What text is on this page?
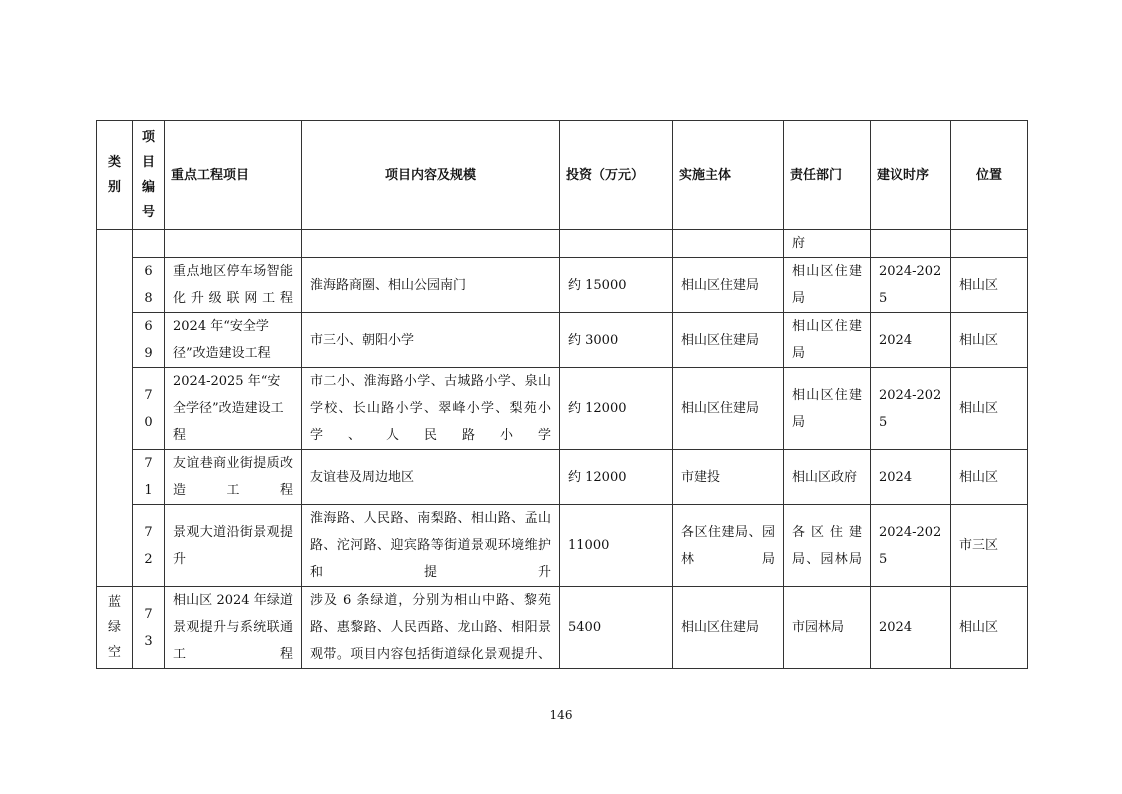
类别	项目编号	重点工程项目	项目内容及规模	投资（万元）	实施主体	责任部门	建议时序	位置
						府		
	68	重点地区停车场智能化升级联网工程	淮海路商圈、相山公园南门	约 15000	相山区住建局	相山区住建局	2024-2025	相山区
	69	2024 年“安全学径”改造建设工程	市三小、朝阳小学	约 3000	相山区住建局	相山区住建局	2024	相山区
	70	2024-2025 年“安全学径”改造建设工程	市二小、淮海路小学、古城路小学、泉山学校、长山路小学、翠峰小学、梨苑小学、人民路小学	约 12000	相山区住建局	相山区住建局	2024-2025	相山区
	71	友谊巷商业街提质改造工程	友谊巷及周边地区	约 12000	市建投	相山区政府	2024	相山区
	72	景观大道沿街景观提升	淮海路、人民路、南梨路、相山路、孟山路、沱河路、迎宾路等街道景观环境维护和提升	11000	各区住建局、园林局	各区住建局、园林局	2024-2025	市三区

蓝绿空	73	相山区 2024 年绿道景观提升与系统联通工程	涉及 6 条绿道，分别为相山中路、黎苑路、惠黎路、人民西路、龙山路、相阳景观带。项目内容包括街道绿化景观提升、	5400	相山区住建局	市园林局	2024	相山区
146
